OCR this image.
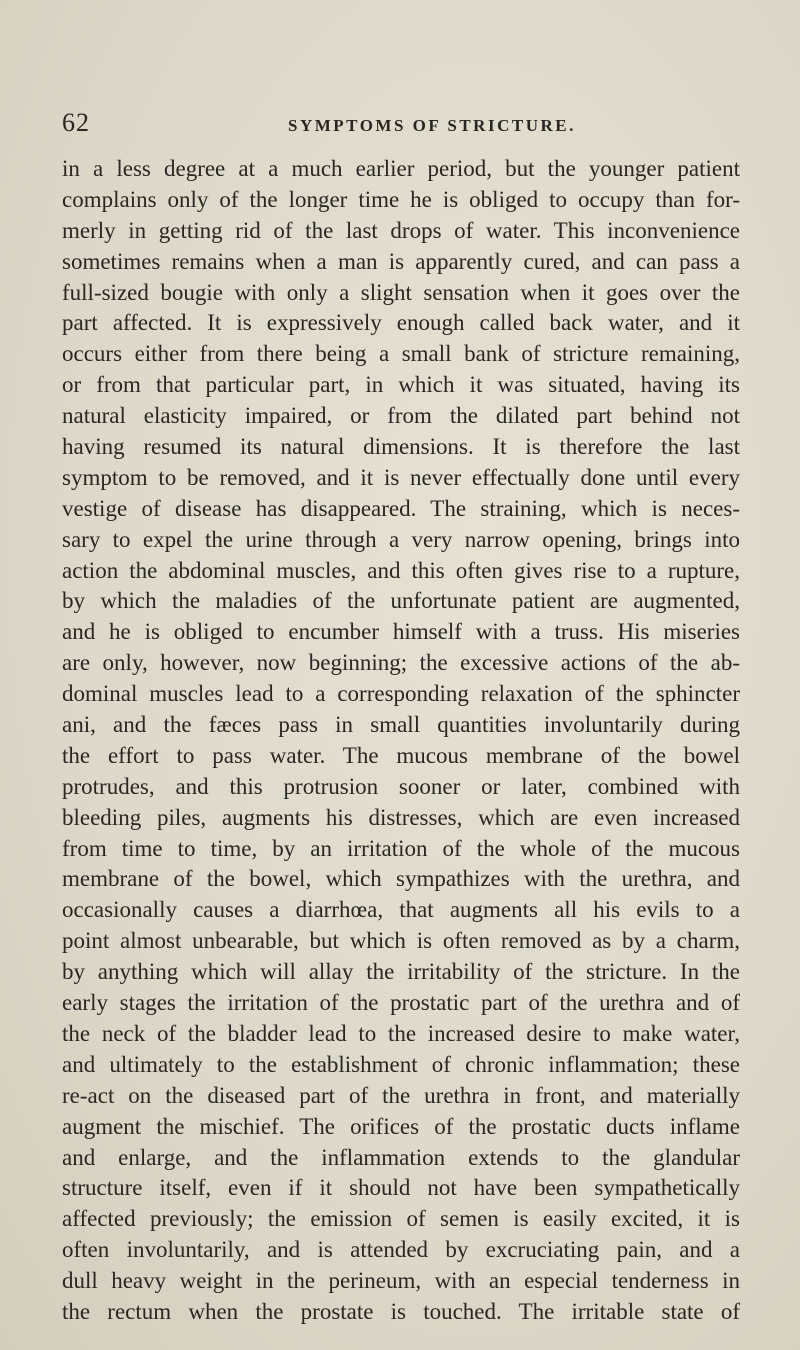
62	SYMPTOMS OF STRICTURE.
in a less degree at a much earlier period, but the younger patient
complains only of the longer time he is obliged to occupy than for-
merly in getting rid of the last drops of water. This inconvenience
sometimes remains when a man is apparently cured, and can pass a
full-sized bougie with only a slight sensation when it goes over the
part affected. It is expressively enough called back water, and it
occurs either from there being a small bank of stricture remaining,
or from that particular part, in which it was situated, having its
natural elasticity impaired, or from the dilated part behind not
having resumed its natural dimensions. It is therefore the last
symptom to be removed, and it is never effectually done until every
vestige of disease has disappeared. The straining, which is neces-
sary to expel the urine through a very narrow opening, brings into
action the abdominal muscles, and this often gives rise to a rupture,
by which the maladies of the unfortunate patient are augmented,
and he is obliged to encumber himself with a truss. His miseries
are only, however, now beginning; the excessive actions of the ab-
dominal muscles lead to a corresponding relaxation of the sphincter
ani, and the fæces pass in small quantities involuntarily during
the effort to pass water. The mucous membrane of the bowel
protrudes, and this protrusion sooner or later, combined with
bleeding piles, augments his distresses, which are even increased
from time to time, by an irritation of the whole of the mucous
membrane of the bowel, which sympathizes with the urethra, and
occasionally causes a diarrhœa, that augments all his evils to a
point almost unbearable, but which is often removed as by a charm,
by anything which will allay the irritability of the stricture. In the
early stages the irritation of the prostatic part of the urethra and of
the neck of the bladder lead to the increased desire to make water,
and ultimately to the establishment of chronic inflammation; these
re-act on the diseased part of the urethra in front, and materially
augment the mischief. The orifices of the prostatic ducts inflame
and enlarge, and the inflammation extends to the glandular
structure itself, even if it should not have been sympathetically
affected previously; the emission of semen is easily excited, it is
often involuntarily, and is attended by excruciating pain, and a
dull heavy weight in the perineum, with an especial tenderness in
the rectum when the prostate is touched. The irritable state of
